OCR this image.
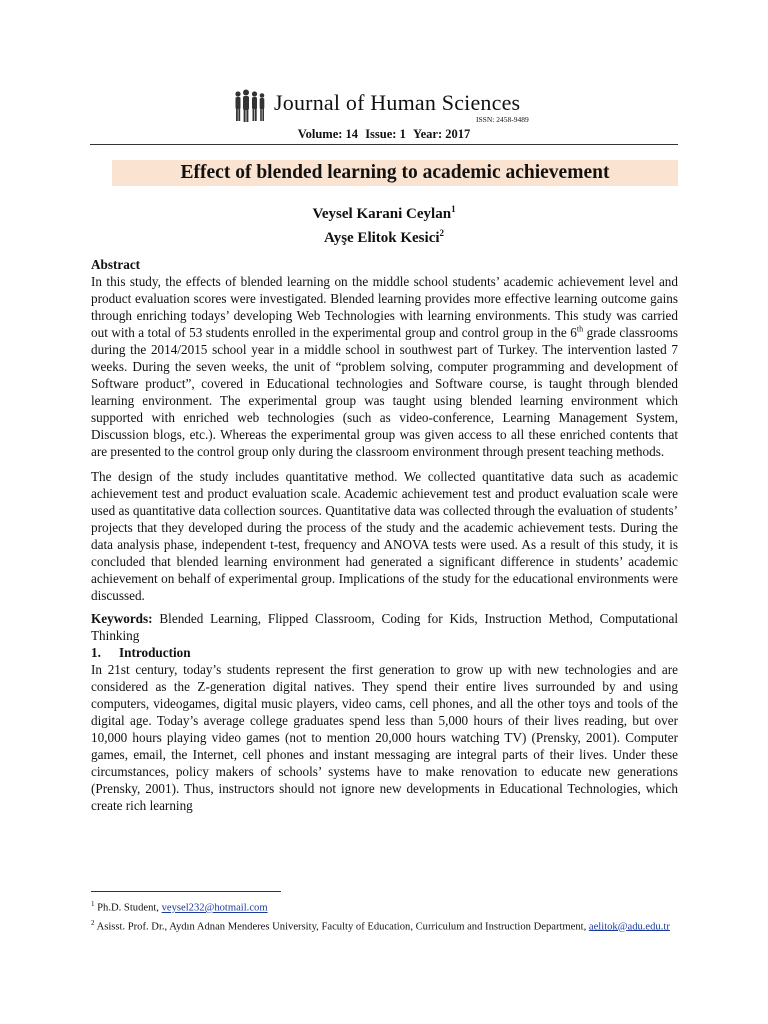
Journal of Human Sciences
ISSN: 2458-9489
Volume: 14 Issue: 1 Year: 2017
Effect of blended learning to academic achievement
Veysel Karani Ceylan$^1$
Ayşe Elitok Kesici$^2$

Abstract

In this study, the effects of blended learning on the middle school students’ academic achievement level and product evaluation scores were investigated. Blended learning provides more effective learning outcome gains through enriching todays’ developing Web Technologies with learning environments. This study was carried out with a total of 53 students enrolled in the experimental group and control group in the 6th grade classrooms during the 2014/2015 school year in a middle school in southwest part of Turkey. The intervention lasted 7 weeks. During the seven weeks, the unit of “problem solving, computer programming and development of Software product”, covered in Educational technologies and Software course, is taught through blended learning environment. The experimental group was taught using blended learning environment which supported with enriched web technologies (such as video-conference, Learning Management System, Discussion blogs, etc.). Whereas the experimental group was given access to all these enriched contents that are presented to the control group only during the classroom environment through present teaching methods.

The design of the study includes quantitative method. We collected quantitative data such as academic achievement test and product evaluation scale. Academic achievement test and product evaluation scale were used as quantitative data collection sources. Quantitative data was collected through the evaluation of students’ projects that they developed during the process of the study and the academic achievement tests. During the data analysis phase, independent t-test, frequency and ANOVA tests were used. As a result of this study, it is concluded that blended learning environment had generated a significant difference in students’ academic achievement on behalf of experimental group. Implications of the study for the educational environments were discussed.

Keywords: Blended Learning, Flipped Classroom, Coding for Kids, Instruction Method, Computational Thinking

1. Introduction

In 21st century, today’s students represent the first generation to grow up with new technologies and are considered as the Z-generation digital natives. They spend their entire lives surrounded by and using computers, videogames, digital music players, video cams, cell phones, and all the other toys and tools of the digital age. Today’s average college graduates spend less than 5,000 hours of their lives reading, but over 10,000 hours playing video games (not to mention 20,000 hours watching TV) (Prensky, 2001). Computer games, email, the Internet, cell phones and instant messaging are integral parts of their lives. Under these circumstances, policy makers of schools’ systems have to make renovation to educate new generations (Prensky, 2001). Thus, instructors should not ignore new developments in Educational Technologies, which create rich learning

$^1$ Ph.D. Student, veysel232@hotmail.com

$^2$ Asisst. Prof. Dr., Aydın Adnan Menderes University, Faculty of Education, Curriculum and Instruction Department, aelitok@adu.edu.tr
